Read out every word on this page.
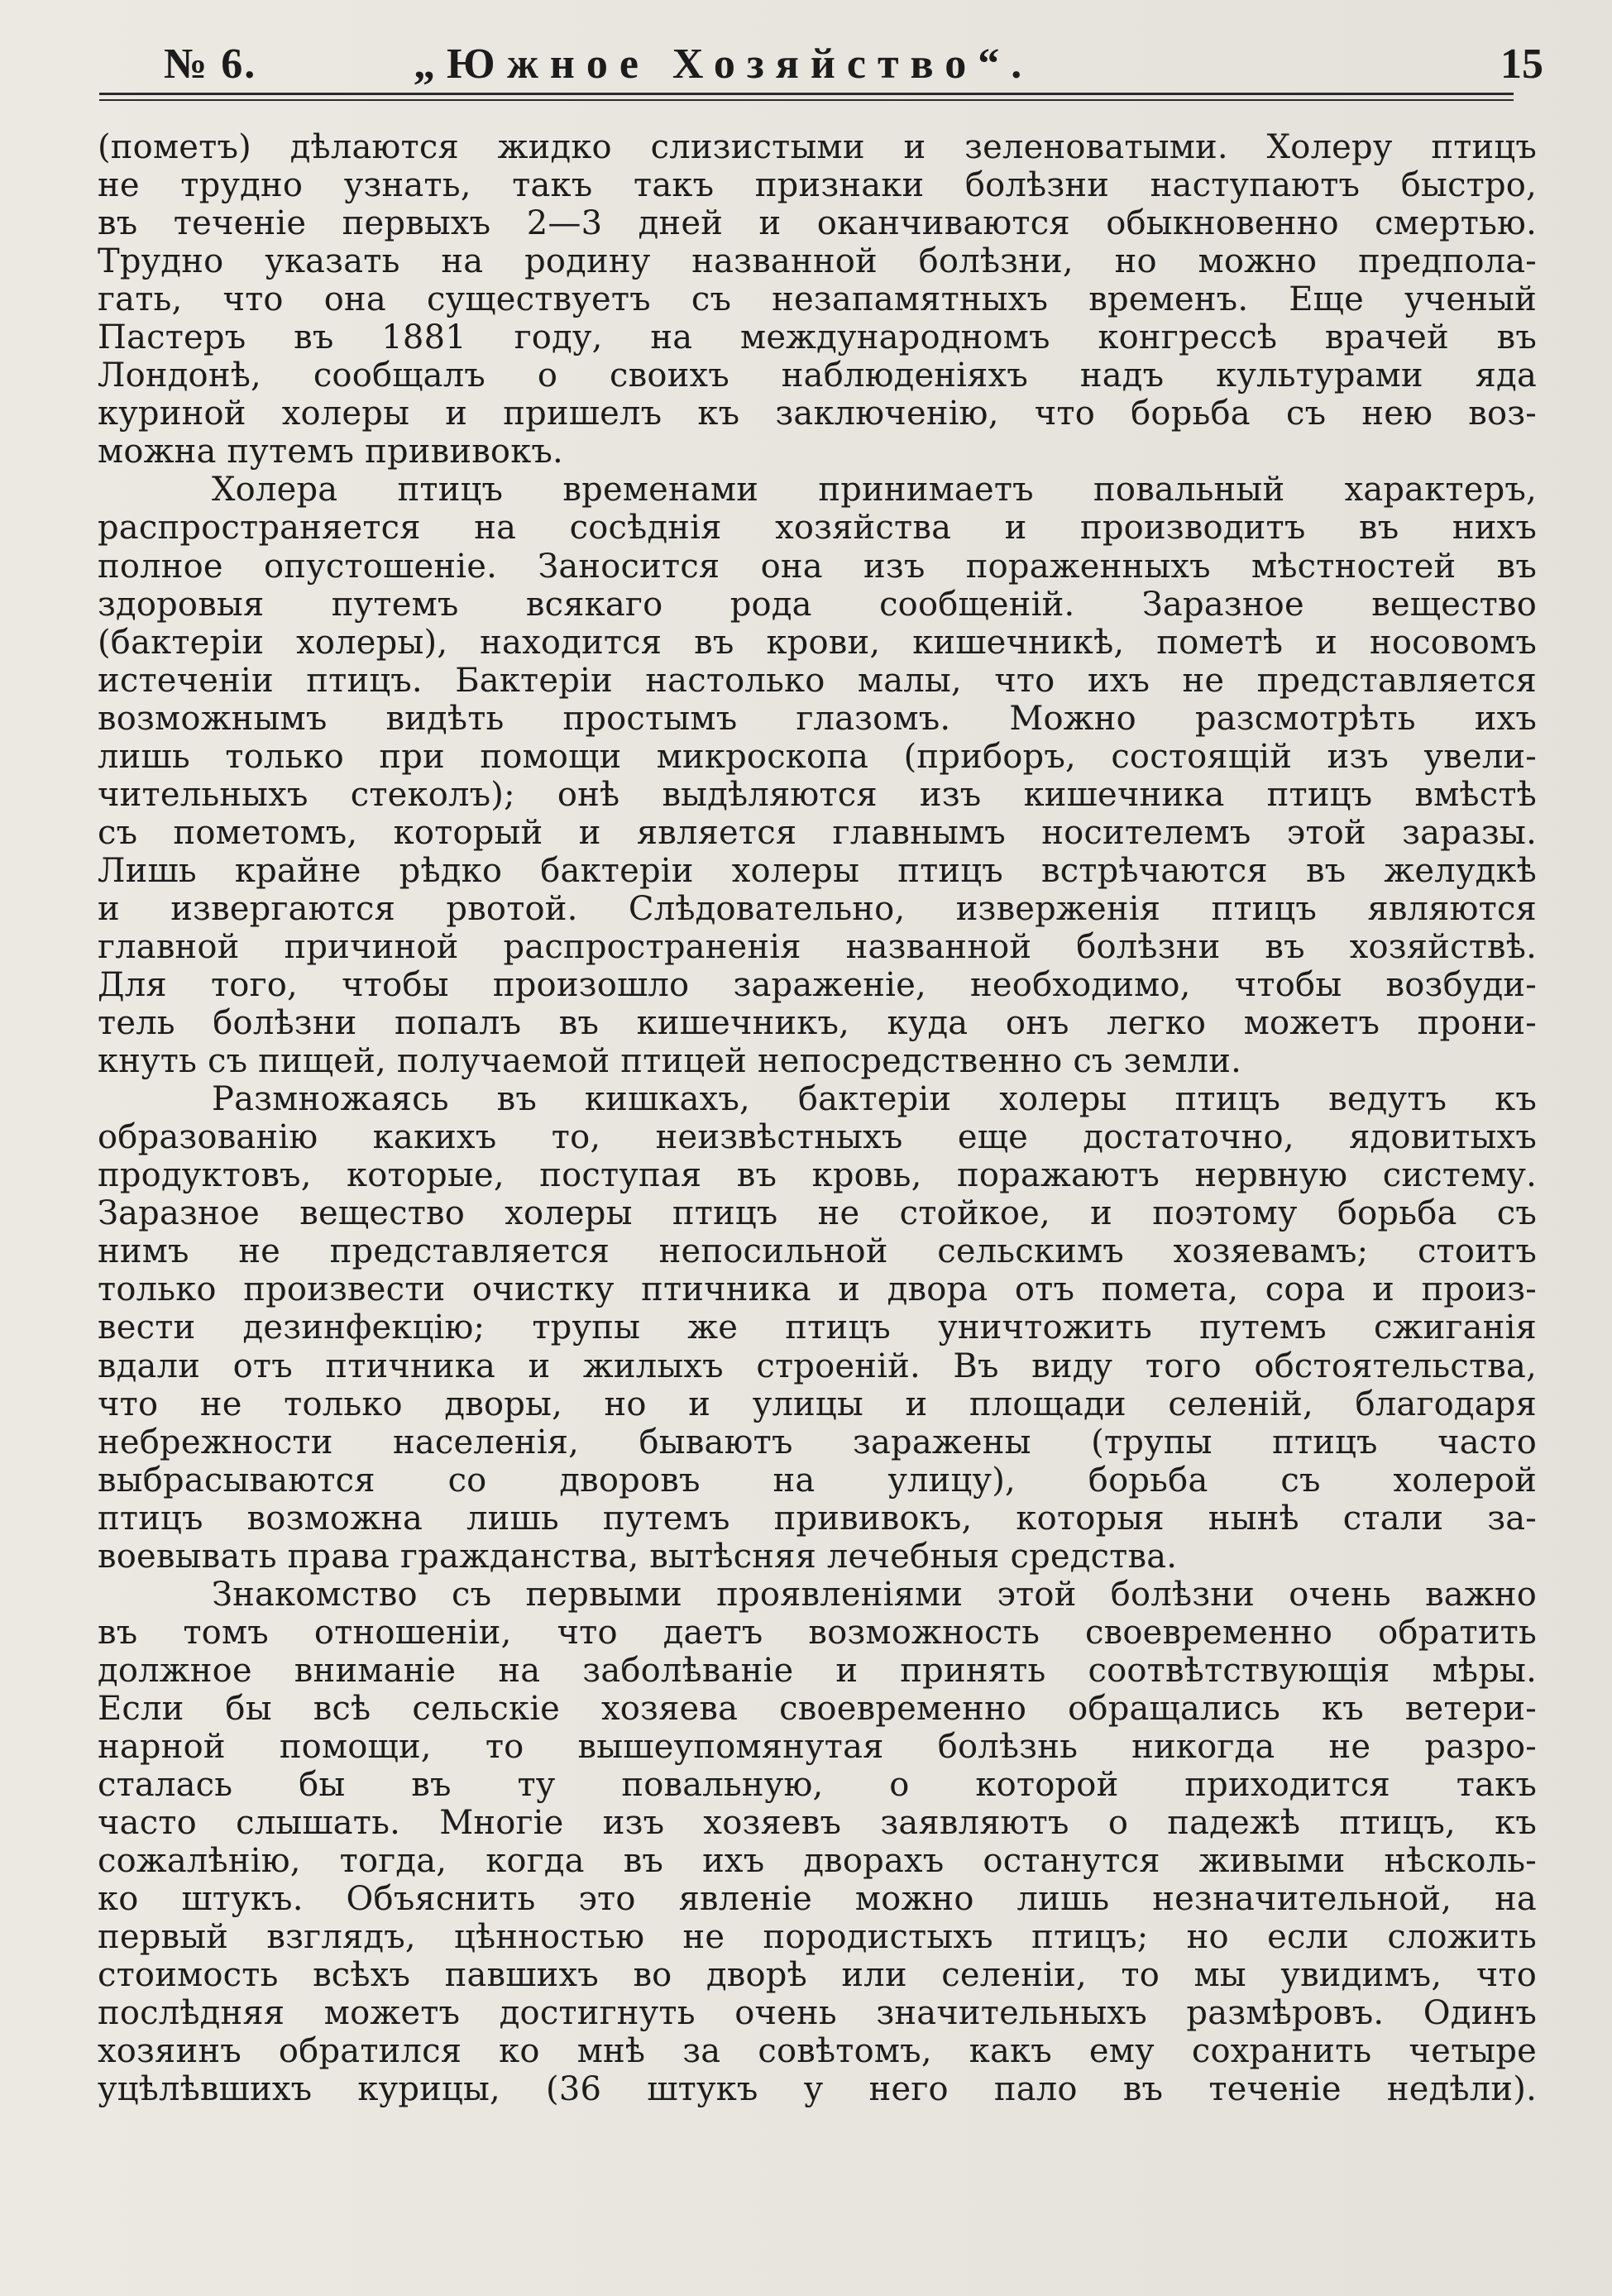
№ 6.	„Южное Хозяйство“.	15
(пометъ) дѣлаются жидко слизистыми и зеленоватыми. Холеру птицъ
не трудно узнать, такъ такъ признаки болѣзни наступаютъ быстро,
въ теченіе первыхъ 2—3 дней и оканчиваются обыкновенно смертью.
Трудно указать на родину названной болѣзни, но можно предпола-
гать, что она существуетъ съ незапамятныхъ временъ. Еще ученый
Пастеръ въ 1881 году, на международномъ конгрессѣ врачей въ
Лондонѣ, сообщалъ о своихъ наблюденіяхъ надъ культурами яда
куриной холеры и пришелъ къ заключенію, что борьба съ нею воз-
можна путемъ прививокъ.
Холера птицъ временами принимаетъ повальный характеръ,
распространяется на сосѣднія хозяйства и производитъ въ нихъ
полное опустошеніе. Заносится она изъ пораженныхъ мѣстностей въ
здоровыя путемъ всякаго рода сообщеній. Заразное вещество
(бактеріи холеры), находится въ крови, кишечникѣ, пометѣ и носовомъ
истеченіи птицъ. Бактеріи настолько малы, что ихъ не представляется
возможнымъ видѣть простымъ глазомъ. Можно разсмотрѣть ихъ
лишь только при помощи микроскопа (приборъ, состоящій изъ увели-
чительныхъ стеколъ); онѣ выдѣляются изъ кишечника птицъ вмѣстѣ
съ пометомъ, который и является главнымъ носителемъ этой заразы.
Лишь крайне рѣдко бактеріи холеры птицъ встрѣчаются въ желудкѣ
и извергаются рвотой. Слѣдовательно, изверженія птицъ являются
главной причиной распространенія названной болѣзни въ хозяйствѣ.
Для того, чтобы произошло зараженіе, необходимо, чтобы возбуди-
тель болѣзни попалъ въ кишечникъ, куда онъ легко можетъ прони-
кнуть съ пищей, получаемой птицей непосредственно съ земли.
Размножаясь въ кишкахъ, бактеріи холеры птицъ ведутъ къ
образованію какихъ то, неизвѣстныхъ еще достаточно, ядовитыхъ
продуктовъ, которые, поступая въ кровь, поражаютъ нервную систему.
Заразное вещество холеры птицъ не стойкое, и поэтому борьба съ
нимъ не представляется непосильной сельскимъ хозяевамъ; стоитъ
только произвести очистку птичника и двора отъ помета, сора и произ-
вести дезинфекцію; трупы же птицъ уничтожить путемъ сжиганія
вдали отъ птичника и жилыхъ строеній. Въ виду того обстоятельства,
что не только дворы, но и улицы и площади селеній, благодаря
небрежности населенія, бываютъ заражены (трупы птицъ часто
выбрасываются со дворовъ на улицу), борьба съ холерой
птицъ возможна лишь путемъ прививокъ, которыя нынѣ стали за-
воевывать права гражданства, вытѣсняя лечебныя средства.
Знакомство съ первыми проявленіями этой болѣзни очень важно
въ томъ отношеніи, что даетъ возможность своевременно обратить
должное вниманіе на заболѣваніе и принять соотвѣтствующія мѣры.
Если бы всѣ сельскіе хозяева своевременно обращались къ ветери-
нарной помощи, то вышеупомянутая болѣзнь никогда не разро-
сталась бы въ ту повальную, о которой приходится такъ
часто слышать. Многіе изъ хозяевъ заявляютъ о падежѣ птицъ, къ
сожалѣнію, тогда, когда въ ихъ дворахъ останутся живыми нѣсколь-
ко штукъ. Объяснить это явленіе можно лишь незначительной, на
первый взглядъ, цѣнностью не породистыхъ птицъ; но если сложить
стоимость всѣхъ павшихъ во дворѣ или селеніи, то мы увидимъ, что
послѣдняя можетъ достигнуть очень значительныхъ размѣровъ. Одинъ
хозяинъ обратился ко мнѣ за совѣтомъ, какъ ему сохранить четыре
уцѣлѣвшихъ курицы, (36 штукъ у него пало въ теченіе недѣли).
